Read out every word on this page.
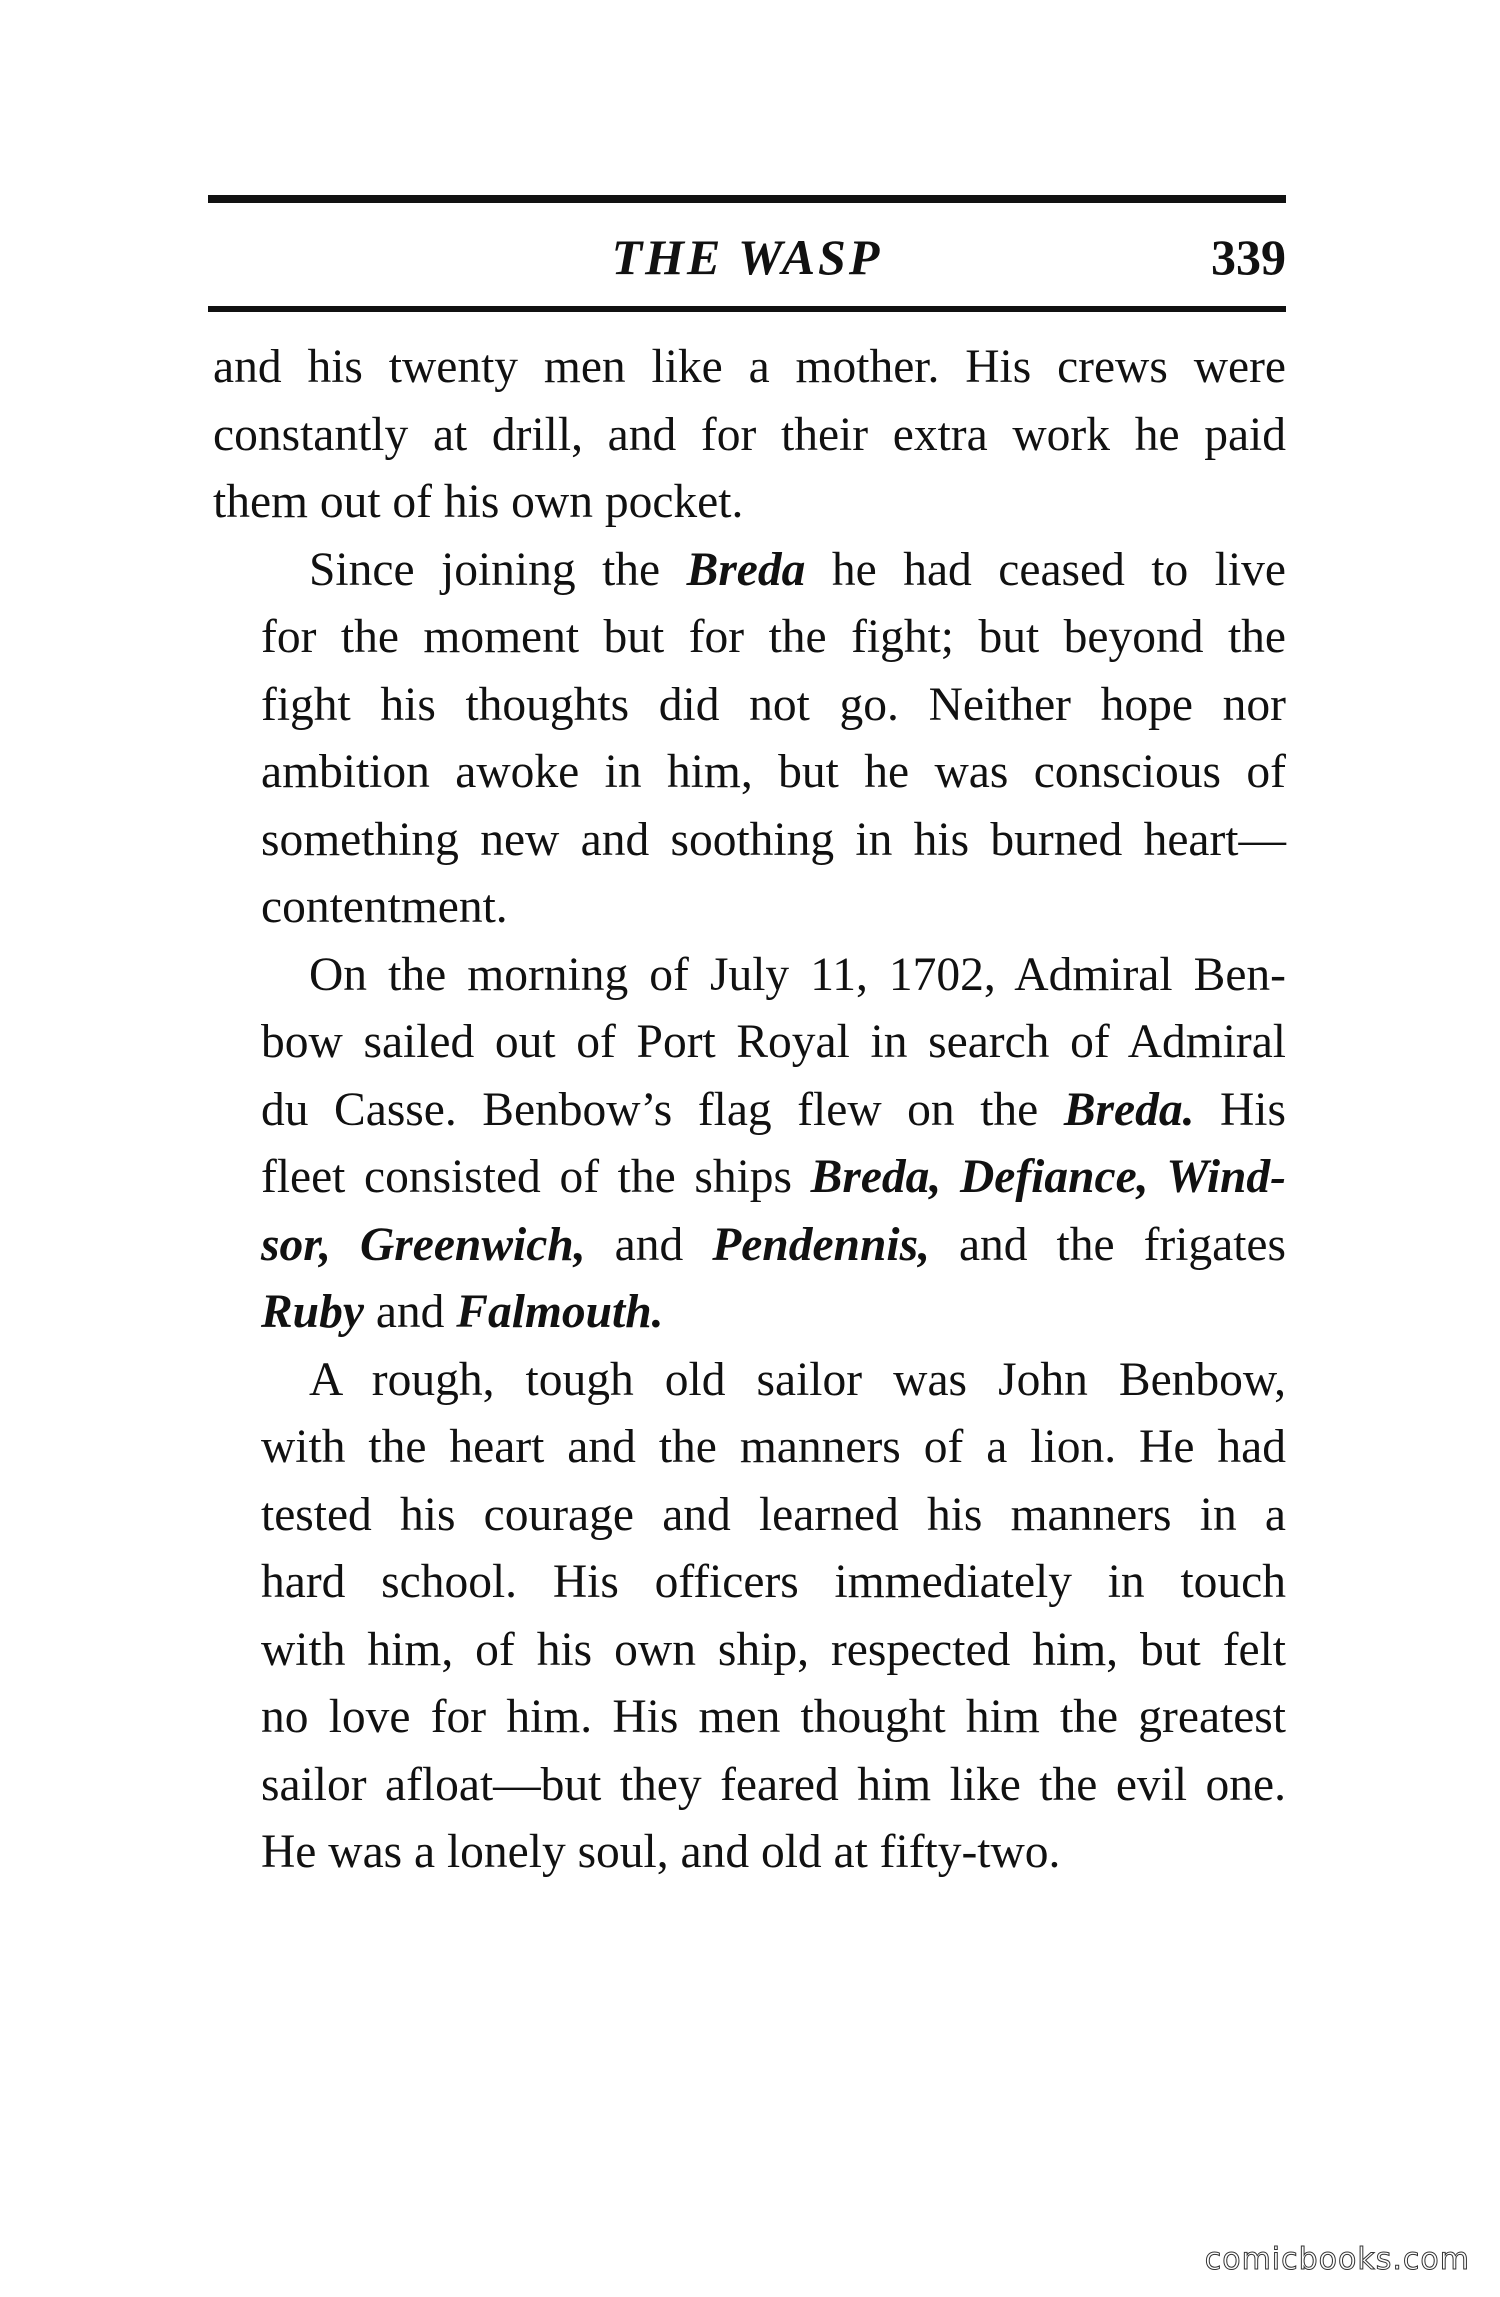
THE WASP	339
and his twenty men like a mother. His crews were
constantly at drill, and for their extra work he paid
them out of his own pocket.
Since joining the Breda he had ceased to live
for the moment but for the fight; but beyond the
fight his thoughts did not go. Neither hope nor
ambition awoke in him, but he was conscious of
something new and soothing in his burned heart—
contentment.
On the morning of July 11, 1702, Admiral Ben-
bow sailed out of Port Royal in search of Admiral
du Casse. Benbow’s flag flew on the Breda. His
fleet consisted of the ships Breda, Defiance, Wind-
sor, Greenwich, and Pendennis, and the frigates
Ruby and Falmouth.
A rough, tough old sailor was John Benbow,
with the heart and the manners of a lion. He had
tested his courage and learned his manners in a
hard school. His officers immediately in touch
with him, of his own ship, respected him, but felt
no love for him. His men thought him the greatest
sailor afloat—but they feared him like the evil one.
He was a lonely soul, and old at fifty-two.
comicbooks.com
